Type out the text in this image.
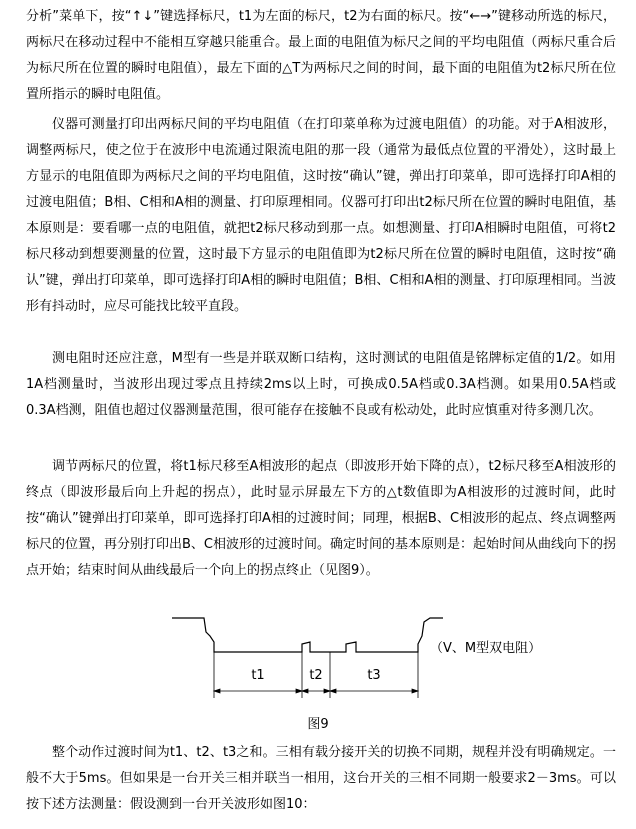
分析”菜单下，按“↑↓”键选择标尺，t1为左面的标尺，t2为右面的标尺。按“←→”键移动所选的标尺，两标尺在移动过程中不能相互穿越只能重合。最上面的电阻值为标尺之间的平均电阻值（两标尺重合后为标尺所在位置的瞬时电阻值），最左下面的△T为两标尺之间的时间，最下面的电阻值为t2标尺所在位置所指示的瞬时电阻值。

仪器可测量打印出两标尺间的平均电阻值（在打印菜单称为过渡电阻值）的功能。对于A相波形，调整两标尺，使之位于在波形中电流通过限流电阻的那一段（通常为最低点位置的平滑处），这时最上方显示的电阻值即为两标尺之间的平均电阻值，这时按“确认”键，弹出打印菜单，即可选择打印A相的过渡电阻值；B相、C相和A相的测量、打印原理相同。仪器可打印出t2标尺所在位置的瞬时电阻值，基本原则是：要看哪一点的电阻值，就把t2标尺移动到那一点。如想测量、打印A相瞬时电阻值，可将t2标尺移动到想要测量的位置，这时最下方显示的电阻值即为t2标尺所在位置的瞬时电阻值，这时按“确认”键，弹出打印菜单，即可选择打印A相的瞬时电阻值；B相、C相和A相的测量、打印原理相同。当波形有抖动时，应尽可能找比较平直段。

测电阻时还应注意，M型有一些是并联双断口结构，这时测试的电阻值是铭牌标定值的1/2。如用1A档测量时，当波形出现过零点且持续2ms以上时，可换成0.5A档或0.3A档测。如果用0.5A档或0.3A档测，阻值也超过仪器测量范围，很可能存在接触不良或有松动处，此时应慎重对待多测几次。

调节两标尺的位置，将t1标尺移至A相波形的起点（即波形开始下降的点），t2标尺移至A相波形的终点（即波形最后向上升起的拐点），此时显示屏最左下方的△t数值即为A相波形的过渡时间，此时按“确认”键弹出打印菜单，即可选择打印A相的过渡时间；同理，根据B、C相波形的起点、终点调整两标尺的位置，再分别打印出B、C相波形的过渡时间。确定时间的基本原则是：起始时间从曲线向下的拐点开始；结束时间从曲线最后一个向上的拐点终止（见图9）。

t1	t2	t3
（V、M型双电阻）
图9

整个动作过渡时间为t1、t2、t3之和。三相有载分接开关的切换不同期，规程并没有明确规定。一般不大于5ms。但如果是一台开关三相并联当一相用，这台开关的三相不同期一般要求2－3ms。可以按下述方法测量：假设测到一台开关波形如图10：
